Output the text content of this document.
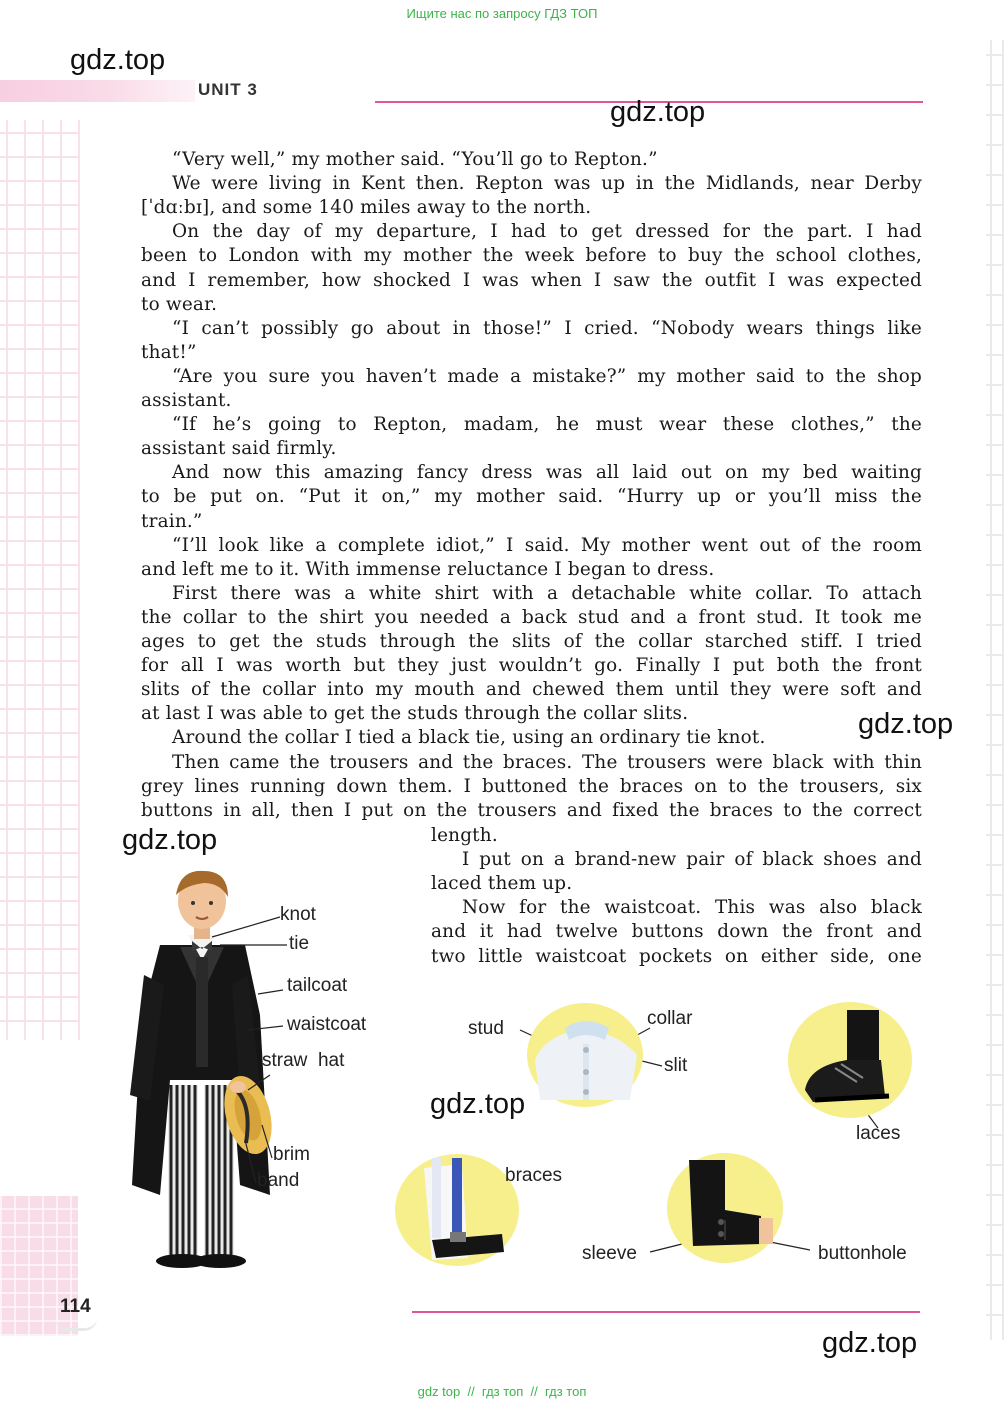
Ищите нас по запросу ГДЗ ТОП
UNIT 3
gdz.top
gdz.top
gdz.top
gdz.top
gdz.top
gdz.top
“Very well,” my mother said. “You’ll go to Repton.”
We were living in Kent then. Repton was up in the Midlands, near Derby
[ˈdɑːbɪ], and some 140 miles away to the north.
On the day of my departure, I had to get dressed for the part. I had
been to London with my mother the week before to buy the school clothes,
and I remember, how shocked I was when I saw the outfit I was expected
to wear.
“I can’t possibly go about in those!” I cried. “Nobody wears things like
that!”
“Are you sure you haven’t made a mistake?” my mother said to the shop
assistant.
“If he’s going to Repton, madam, he must wear these clothes,” the
assistant said firmly.
And now this amazing fancy dress was all laid out on my bed waiting
to be put on. “Put it on,” my mother said. “Hurry up or you’ll miss the
train.”
“I’ll look like a complete idiot,” I said. My mother went out of the room
and left me to it. With immense reluctance I began to dress.
First there was a white shirt with a detachable white collar. To attach
the collar to the shirt you needed a back stud and a front stud. It took me
ages to get the studs through the slits of the collar starched stiff. I tried
for all I was worth but they just wouldn’t go. Finally I put both the front
slits of the collar into my mouth and chewed them until they were soft and
at last I was able to get the studs through the collar slits.
Around the collar I tied a black tie, using an ordinary tie knot.
Then came the trousers and the braces. The trousers were black with thin
grey lines running down them. I buttoned the braces on to the trousers, six
buttons in all, then I put on the trousers and fixed the braces to the correct
length.
I put on a brand-new pair of black shoes and
laced them up.
Now for the waistcoat. This was also black
and it had twelve buttons down the front and
two little waistcoat pockets on either side, one
knot
tie
tailcoat
waistcoat
straw  hat
brim
band
stud	collar
slit
laces
braces
sleeve	buttonhole
114
gdz top  //  гдз топ  //  гдз топ
